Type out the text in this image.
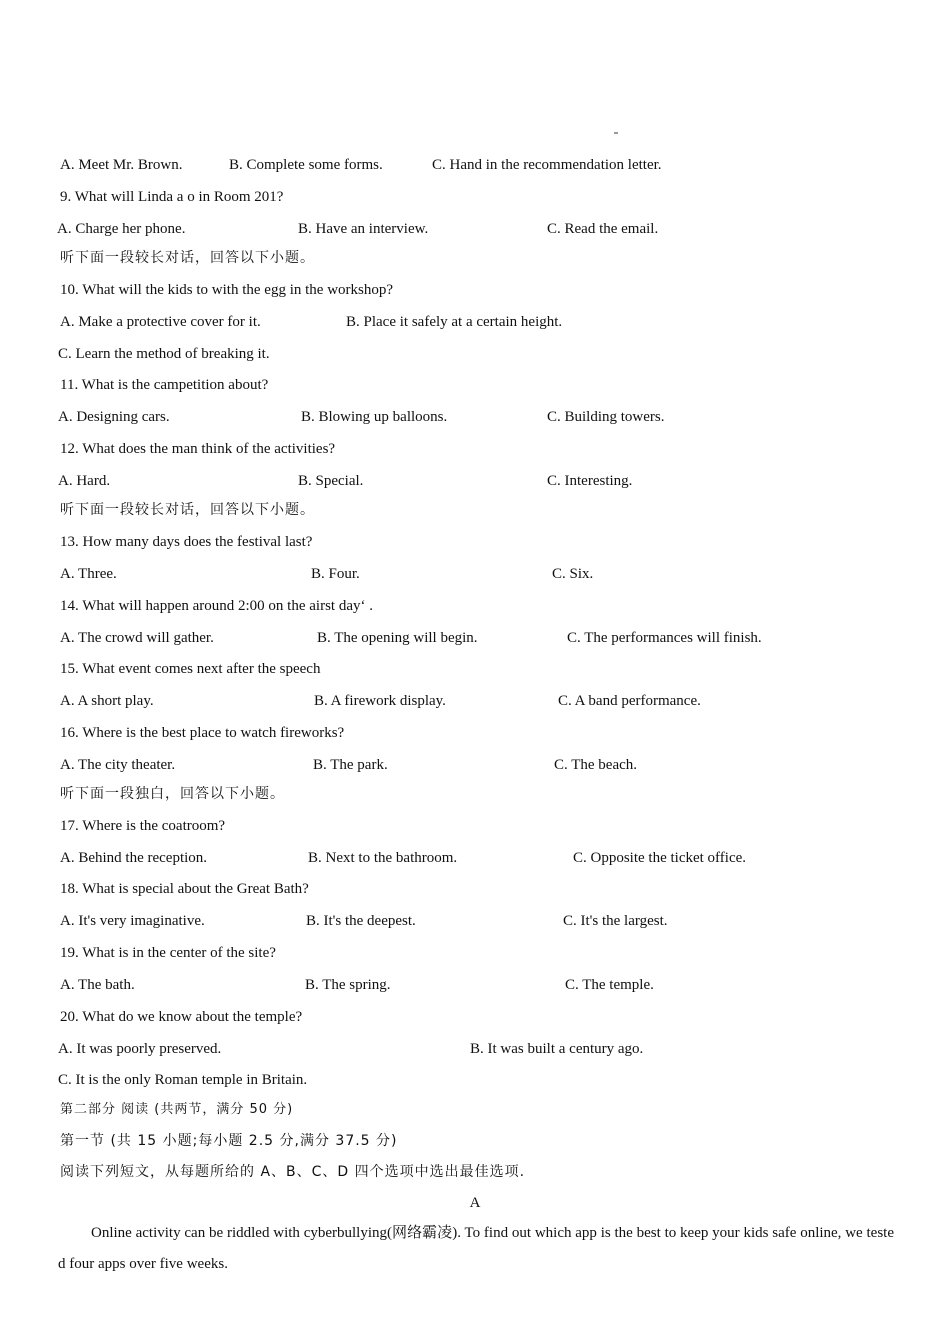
A. Meet Mr. Brown.	B. Complete some forms.	C. Hand in the recommendation letter.
9. What will Linda a o in Room 201?
A. Charge her phone.	B. Have an interview.	C. Read the email.
听下面一段较长对话，回答以下小题。
10. What will the kids to with the egg in the workshop?
A. Make a protective cover for it.	B. Place it safely at a certain height.
C. Learn the method of breaking it.
11. What is the campetition about?
A. Designing cars.	B. Blowing up balloons.	C. Building towers.
12. What does the man think of the activities?
A. Hard.	B. Special.	C. Interesting.
听下面一段较长对话，回答以下小题。
13. How many days does the festival last?
A. Three.	B. Four.	C. Six.
14. What will happen around 2:00 on the airst day‘ .
A. The crowd will gather.	B. The opening will begin.	C. The performances will finish.
15. What event comes next after the speech
A. A short play.	B. A firework display.	C. A band performance.
16. Where is the best place to watch fireworks?
A. The city theater.	B. The park.	C. The beach.
听下面一段独白，回答以下小题。
17. Where is the coatroom?
A. Behind the reception.	B. Next to the bathroom.	C. Opposite the ticket office.
18. What is special about the Great Bath?
A. It's very imaginative.	B. It's the deepest.	C. It's the largest.
19. What is in the center of the site?
A. The bath.	B. The spring.	C. The temple.
20. What do we know about the temple?
A. It was poorly preserved.	B. It was built a century ago.
C. It is the only Roman temple in Britain.
第二部分 阅读 (共两节，满分 50 分)
第一节 (共 15 小题;每小题 2.5 分,满分 37.5 分)
阅读下列短文，从每题所给的 A、B、C、D 四个选项中选出最佳选项.
A
Online activity can be riddled with cyberbullying(网络霸凌). To find out which app is the best to keep your kids safe online, we tested four apps over five weeks.
